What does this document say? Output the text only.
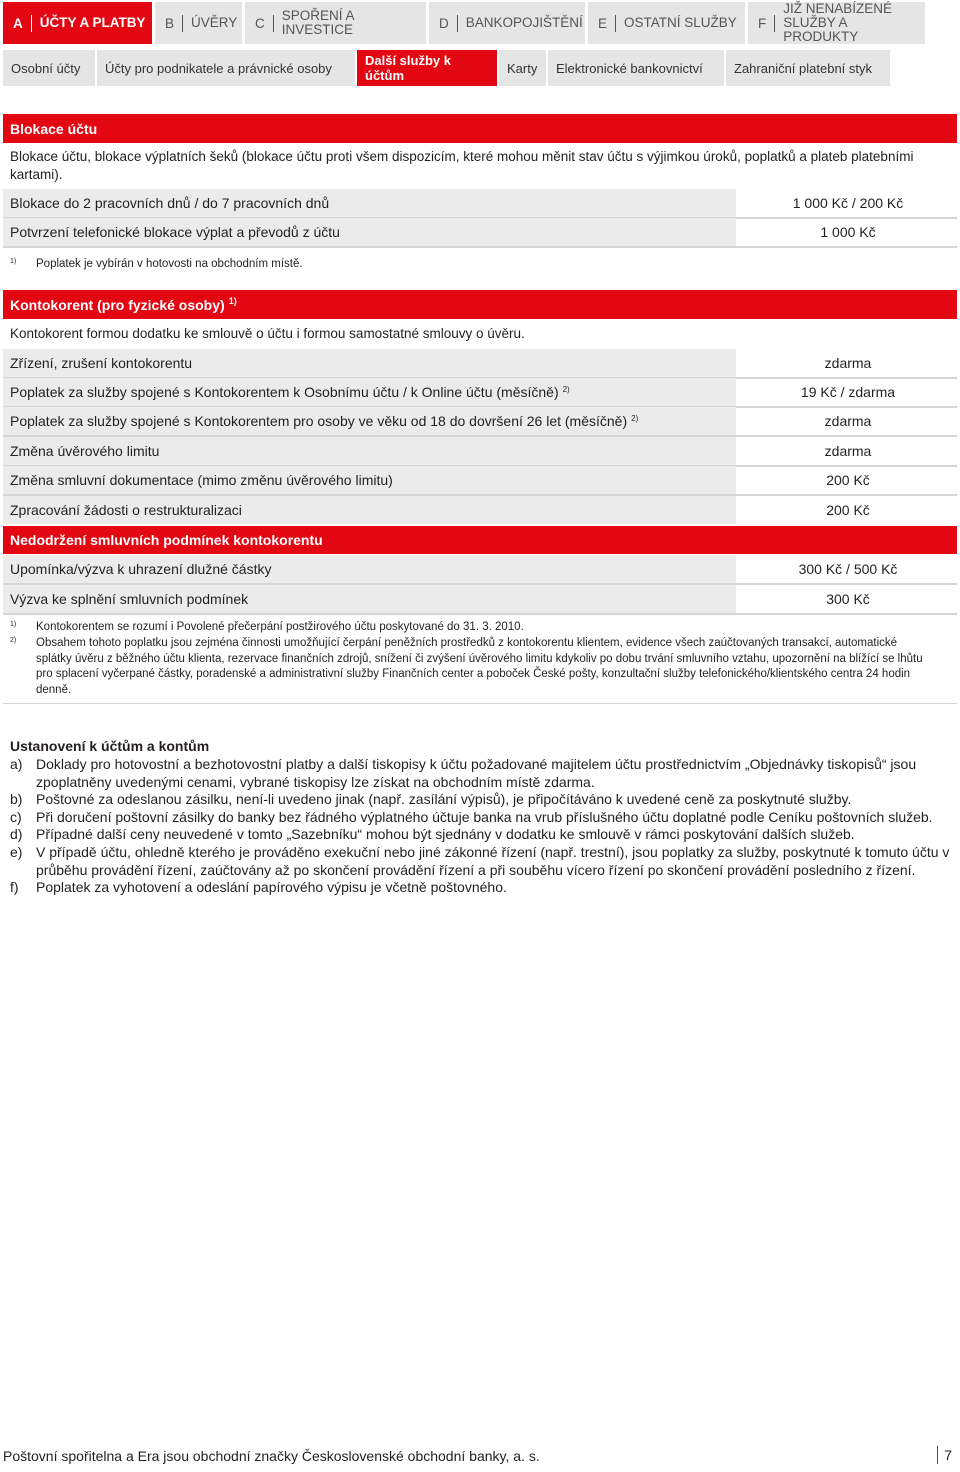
A	ÚČTY A PLATBY B	ÚVĚRY C	SPOŘENÍ A INVESTICE	D	BANKOPOJIŠTĚNÍ E	OSTATNÍ SLUŽBY F
JIŽ NENABÍZENÉ
SLUŽBY A PRODUKTY
Osobní účty	Účty pro podnikatele a právnické osoby	Další služby k účtům	Karty	Elektronické bankovnictví	Zahraniční platební styk
Blokace účtu

Blokace účtu, blokace výplatních šeků (blokace účtu proti všem dispozicím, které mohou měnit stav účtu s výjimkou úroků, poplatků a plateb platebními kartami).

Blokace do 2 pracovních dnů / do 7 pracovních dnů	1 000 Kč / 200 Kč
Potvrzení telefonické blokace výplat a převodů z účtu	1 000 Kč
1)	Poplatek je vybírán v hotovosti na obchodním místě.
Kontokorent (pro fyzické osoby) $^{1)}$

Kontokorent formou dodatku ke smlouvě o účtu i formou samostatné smlouvy o úvěru.

Zřízení, zrušení kontokorentu	zdarma
Poplatek za služby spojené s Kontokorentem k Osobnímu účtu / k Online účtu (měsíčně) 2)	19 Kč / zdarma
Poplatek za služby spojené s Kontokorentem pro osoby ve věku od 18 do dovršení 26 let (měsíčně) 2)	zdarma
Změna úvěrového limitu	zdarma
Změna smluvní dokumentace (mimo změnu úvěrového limitu)	200 Kč
Zpracování žádosti o restrukturalizaci	200 Kč
Nedodržení smluvních podmínek kontokorentu
Upomínka/výzva k uhrazení dlužné částky	300 Kč / 500 Kč
Výzva ke splnění smluvních podmínek	300 Kč
1)	Kontokorentem se rozumí i Povolené přečerpání postžirového účtu poskytované do 31. 3. 2010.
2)	Obsahem tohoto poplatku jsou zejména činnosti umožňující čerpání peněžních prostředků z kontokorentu klientem, evidence všech zaúčtovaných transakcí, automatické splátky úvěru z běžného účtu klienta, rezervace finančních zdrojů, snížení či zvýšení úvěrového limitu kdykoliv po dobu trvání smluvního vztahu, upozornění na blížící se lhůtu pro splacení vyčerpané částky, poradenské a administrativní služby Finančních center a poboček České pošty, konzultační služby telefonického/klientského centra 24 hodin denně.
Ustanovení k účtům a kontům
a) Doklady pro hotovostní a bezhotovostní platby a další tiskopisy k účtu požadované majitelem účtu prostřednictvím „Objednávky tiskopisů“ jsou zpoplatněny uvedenými cenami, vybrané tiskopisy lze získat na obchodním místě zdarma.
b) Poštovné za odeslanou zásilku, není-li uvedeno jinak (např. zasílání výpisů), je připočítáváno k uvedené ceně za poskytnuté služby.
c)	Při doručení poštovní zásilky do banky bez řádného výplatného účtuje banka na vrub příslušného účtu doplatné podle Ceníku poštovních služeb.
d) Případné další ceny neuvedené v tomto „Sazebníku“ mohou být sjednány v dodatku ke smlouvě v rámci poskytování dalších služeb.
e) V případě účtu, ohledně kterého je prováděno exekuční nebo jiné zákonné řízení (např. trestní), jsou poplatky za služby, poskytnuté k tomuto účtu v průběhu provádění řízení, zaúčtovány až po skončení provádění řízení a při souběhu vícero řízení po skončení provádění posledního z řízení.
f)	Poplatek za vyhotovení a odeslání papírového výpisu je včetně poštovného.
Poštovní spořitelna a Era jsou obchodní značky Československé obchodní banky, a. s.	7
